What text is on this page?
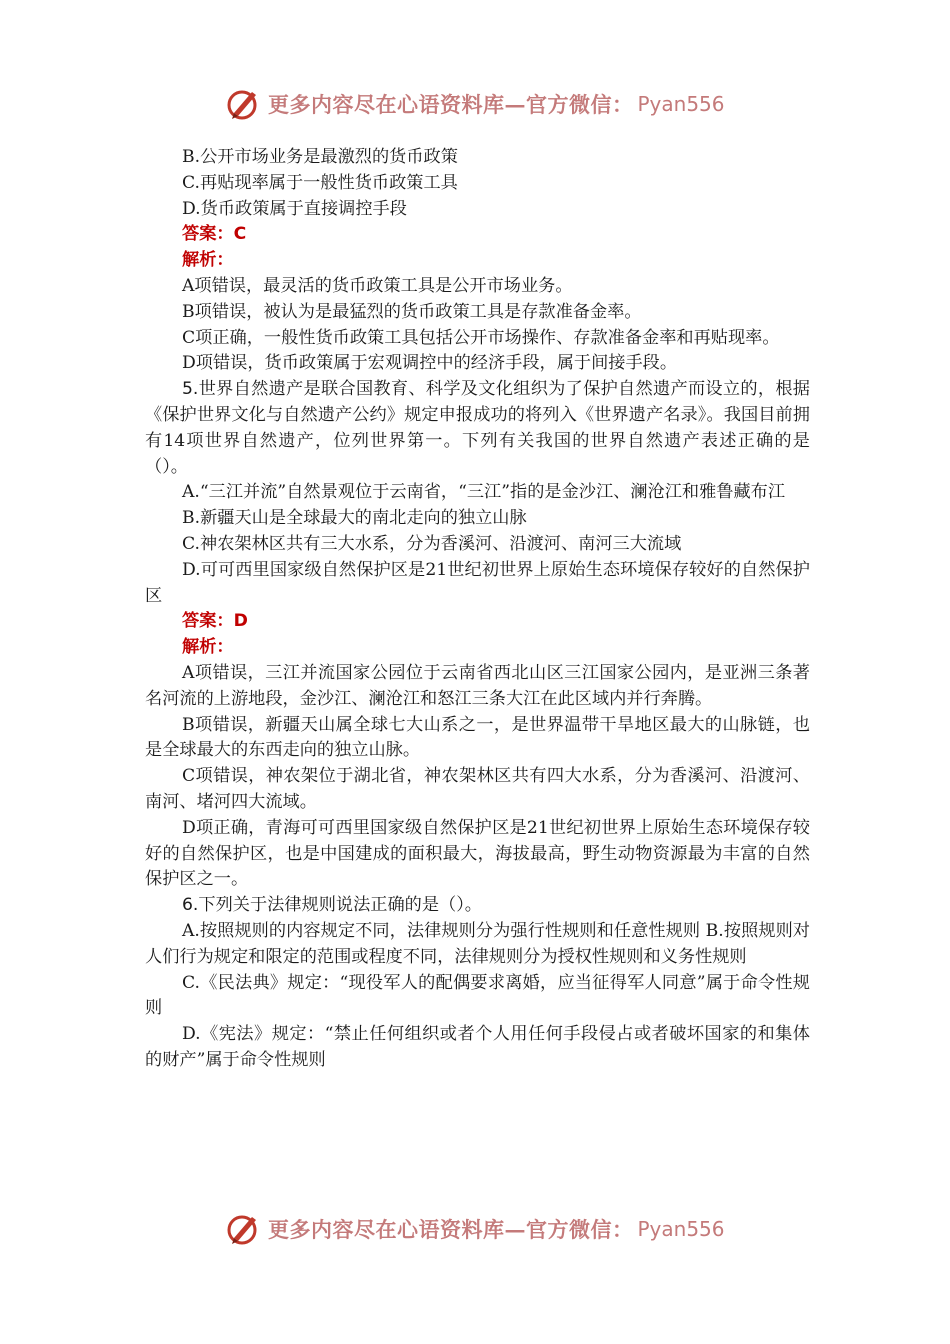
更多内容尽在心语资料库—官方微信： Pyan556

B.公开市场业务是最激烈的货币政策

C.再贴现率属于一般性货币政策工具

D.货币政策属于直接调控手段

答案：C

解析：

A项错误，最灵活的货币政策工具是公开市场业务。

B项错误，被认为是最猛烈的货币政策工具是存款准备金率。

C项正确，一般性货币政策工具包括公开市场操作、存款准备金率和再贴现率。

D项错误，货币政策属于宏观调控中的经济手段，属于间接手段。

5.世界自然遗产是联合国教育、科学及文化组织为了保护自然遗产而设立的，根据《保护世界文化与自然遗产公约》规定申报成功的将列入《世界遗产名录》。我国目前拥有14项世界自然遗产，位列世界第一。下列有关我国的世界自然遗产表述正确的是（）。

A.“三江并流”自然景观位于云南省，“三江”指的是金沙江、澜沧江和雅鲁藏布江

B.新疆天山是全球最大的南北走向的独立山脉

C.神农架林区共有三大水系，分为香溪河、沿渡河、南河三大流域

D.可可西里国家级自然保护区是21世纪初世界上原始生态环境保存较好的自然保护区

答案：D

解析：

A项错误，三江并流国家公园位于云南省西北山区三江国家公园内，是亚洲三条著名河流的上游地段，金沙江、澜沧江和怒江三条大江在此区域内并行奔腾。

B项错误，新疆天山属全球七大山系之一，是世界温带干旱地区最大的山脉链，也是全球最大的东西走向的独立山脉。

C项错误，神农架位于湖北省，神农架林区共有四大水系，分为香溪河、沿渡河、南河、堵河四大流域。

D项正确，青海可可西里国家级自然保护区是21世纪初世界上原始生态环境保存较好的自然保护区，也是中国建成的面积最大，海拔最高，野生动物资源最为丰富的自然保护区之一。

6.下列关于法律规则说法正确的是（）。

A.按照规则的内容规定不同，法律规则分为强行性规则和任意性规则 B.按照规则对人们行为规定和限定的范围或程度不同，法律规则分为授权性规则和义务性规则

C.《民法典》规定：“现役军人的配偶要求离婚，应当征得军人同意”属于命令性规则

D.《宪法》规定：“禁止任何组织或者个人用任何手段侵占或者破坏国家的和集体的财产”属于命令性规则

更多内容尽在心语资料库—官方微信： Pyan556
